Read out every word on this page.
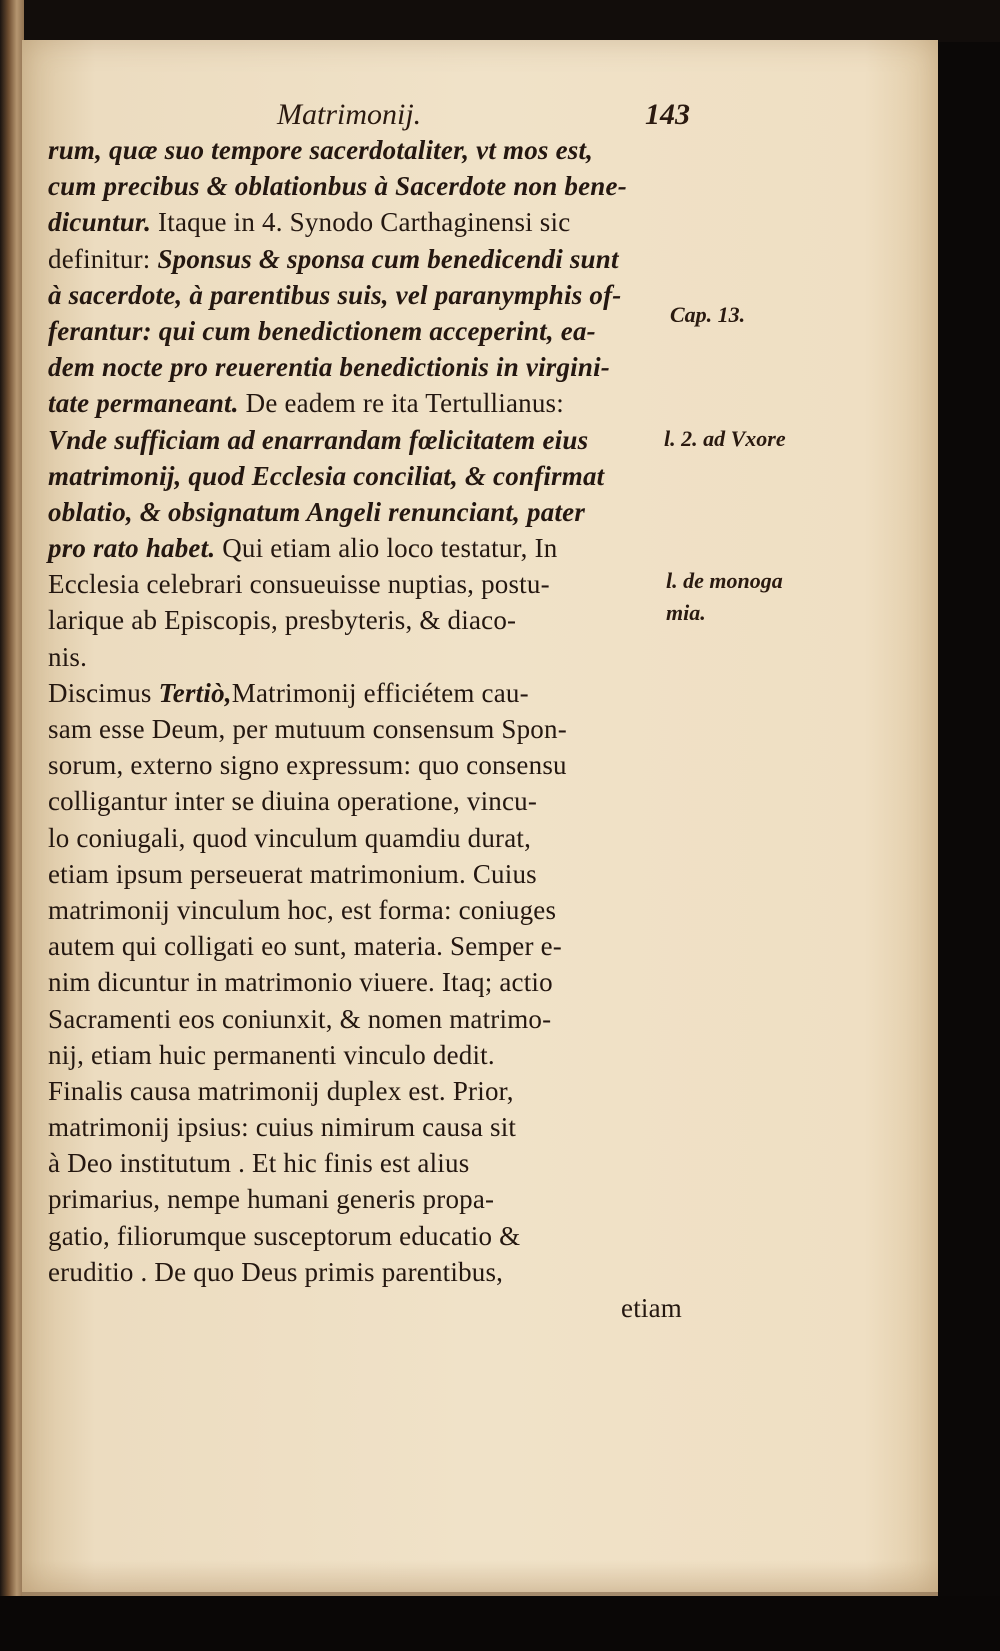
Matrimonij.	143
rum, quæ suo tempore sacerdotaliter, vt mos est,
cum precibus & oblationbus à Sacerdote non bene-
dicuntur. Itaque in 4. Synodo Carthaginensi sic
definitur: Sponsus & sponsa cum benedicendi sunt
à sacerdote, à parentibus suis, vel paranymphis of-
ferantur: qui cum benedictionem acceperint, ea-
dem nocte pro reuerentia benedictionis in virgini-
tate permaneant. De eadem re ita Tertullianus:
Vnde sufficiam ad enarrandam fœlicitatem eius
matrimonij, quod Ecclesia conciliat, & confirmat
oblatio, & obsignatum Angeli renunciant, pater
pro rato habet. Qui etiam alio loco testatur, In
Ecclesia celebrari consueuisse nuptias, postu-
larique ab Episcopis, presbyteris, & diaco-
nis.
Discimus Tertiò,Matrimonij efficiétem cau-
sam esse Deum, per mutuum consensum Spon-
sorum, externo signo expressum: quo consensu
colligantur inter se diuina operatione, vincu-
lo coniugali, quod vinculum quamdiu durat,
etiam ipsum perseuerat matrimonium. Cuius
matrimonij vinculum hoc, est forma: coniuges
autem qui colligati eo sunt, materia. Semper e-
nim dicuntur in matrimonio viuere. Itaq; actio
Sacramenti eos coniunxit, & nomen matrimo-
nij, etiam huic permanenti vinculo dedit.
Finalis causa matrimonij duplex est. Prior,
matrimonij ipsius: cuius nimirum causa sit
à Deo institutum . Et hic finis est alius
primarius, nempe humani generis propa-
gatio, filiorumque susceptorum educatio &
eruditio . De quo Deus primis parentibus,
etiam
Cap. 13.
l. 2. ad Vxore
l. de monoga
mia.
